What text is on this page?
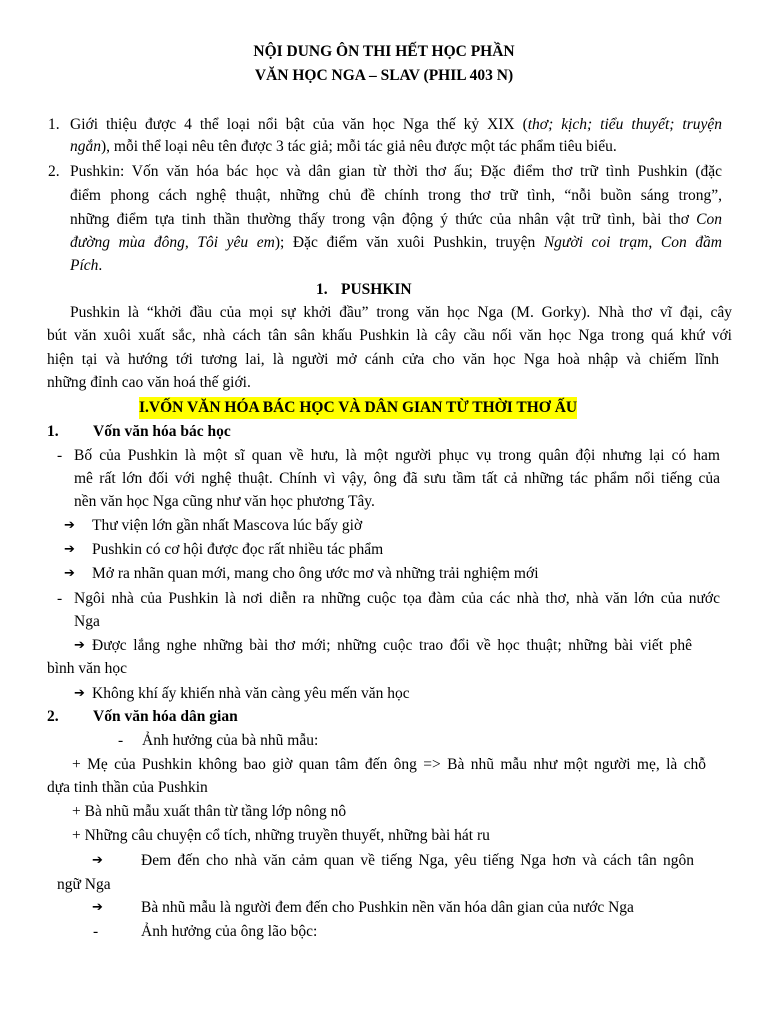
NỘI DUNG ÔN THI HẾT HỌC PHẦN
VĂN HỌC NGA – SLAV (PHIL 403 N)
1. Giới thiệu được 4 thể loại nổi bật của văn học Nga thế kỷ XIX (thơ; kịch; tiểu thuyết; truyện
ngắn), mỗi thể loại nêu tên được 3 tác giả; mỗi tác giả nêu được một tác phẩm tiêu biểu.
2. Pushkin: Vốn văn hóa bác học và dân gian từ thời thơ ấu; Đặc điểm thơ trữ tình Pushkin (đặc
điểm phong cách nghệ thuật, những chủ đề chính trong thơ trữ tình, “nỗi buồn sáng trong”,
những điểm tựa tinh thần thường thấy trong vận động ý thức của nhân vật trữ tình, bài thơ Con
đường mùa đông, Tôi yêu em); Đặc điểm văn xuôi Pushkin, truyện Người coi trạm, Con đầm
Pích.
1. PUSHKIN
Pushkin là “khởi đầu của mọi sự khởi đầu” trong văn học Nga (M. Gorky). Nhà thơ vĩ đại, cây
bút văn xuôi xuất sắc, nhà cách tân sân khấu Pushkin là cây cầu nối văn học Nga trong quá khứ với
hiện tại và hướng tới tương lai, là người mở cánh cửa cho văn học Nga hoà nhập và chiếm lĩnh
những đỉnh cao văn hoá thế giới.
I.VỐN VĂN HÓA BÁC HỌC VÀ DÂN GIAN TỪ THỜI THƠ ẤU
1. Vốn văn hóa bác học
- Bố của Pushkin là một sĩ quan về hưu, là một người phục vụ trong quân đội nhưng lại có ham
mê rất lớn đối với nghệ thuật. Chính vì vậy, ông đã sưu tầm tất cả những tác phẩm nổi tiếng của
nền văn học Nga cũng như văn học phương Tây.
➔ Thư viện lớn gần nhất Mascova lúc bấy giờ
➔ Pushkin có cơ hội được đọc rất nhiều tác phẩm
➔ Mở ra nhãn quan mới, mang cho ông ước mơ và những trải nghiệm mới
- Ngôi nhà của Pushkin là nơi diễn ra những cuộc tọa đàm của các nhà thơ, nhà văn lớn của nước
Nga
➔ Được lắng nghe những bài thơ mới; những cuộc trao đổi về học thuật; những bài viết phê
bình văn học
➔ Không khí ấy khiến nhà văn càng yêu mến văn học
2. Vốn văn hóa dân gian
- Ảnh hưởng của bà nhũ mẫu:
+ Mẹ của Pushkin không bao giờ quan tâm đến ông => Bà nhũ mẫu như một người mẹ, là chỗ
dựa tinh thần của Pushkin
+ Bà nhũ mẫu xuất thân từ tầng lớp nông nô
+ Những câu chuyện cổ tích, những truyền thuyết, những bài hát ru
➔ Đem đến cho nhà văn cảm quan về tiếng Nga, yêu tiếng Nga hơn và cách tân ngôn
ngữ Nga
➔ Bà nhũ mẫu là người đem đến cho Pushkin nền văn hóa dân gian của nước Nga
-	Ảnh hưởng của ông lão bộc:
